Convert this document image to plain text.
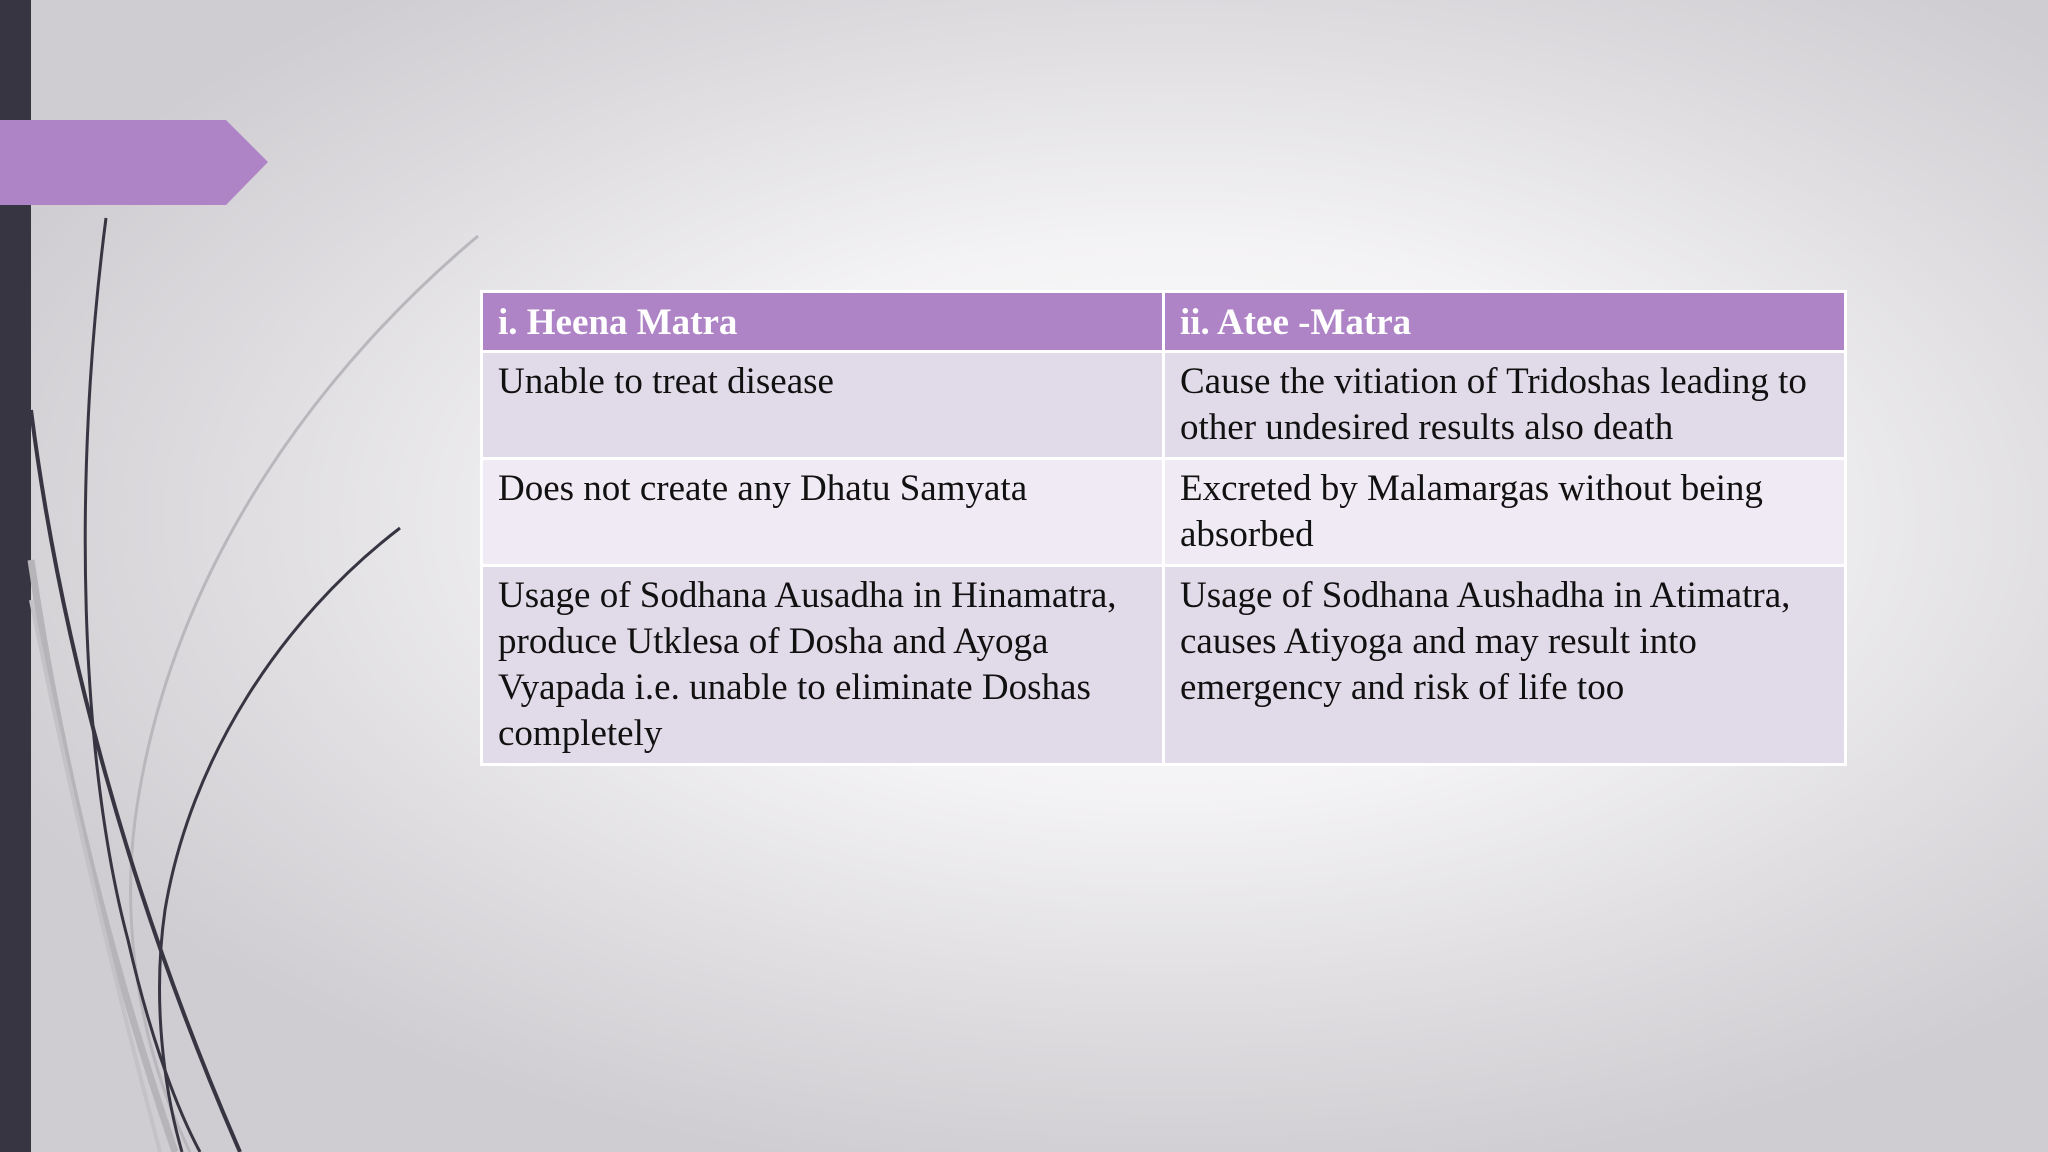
i. Heena Matra	ii. Atee -Matra
Unable to treat disease	Cause the vitiation of Tridoshas leading to other undesired results also death
Does not create any Dhatu Samyata	Excreted by Malamargas without being absorbed
Usage of Sodhana Ausadha in Hinamatra, produce Utklesa of Dosha and Ayoga Vyapada i.e. unable to eliminate Doshas completely	Usage of Sodhana Aushadha in Atimatra, causes Atiyoga and may result into emergency and risk of life too
